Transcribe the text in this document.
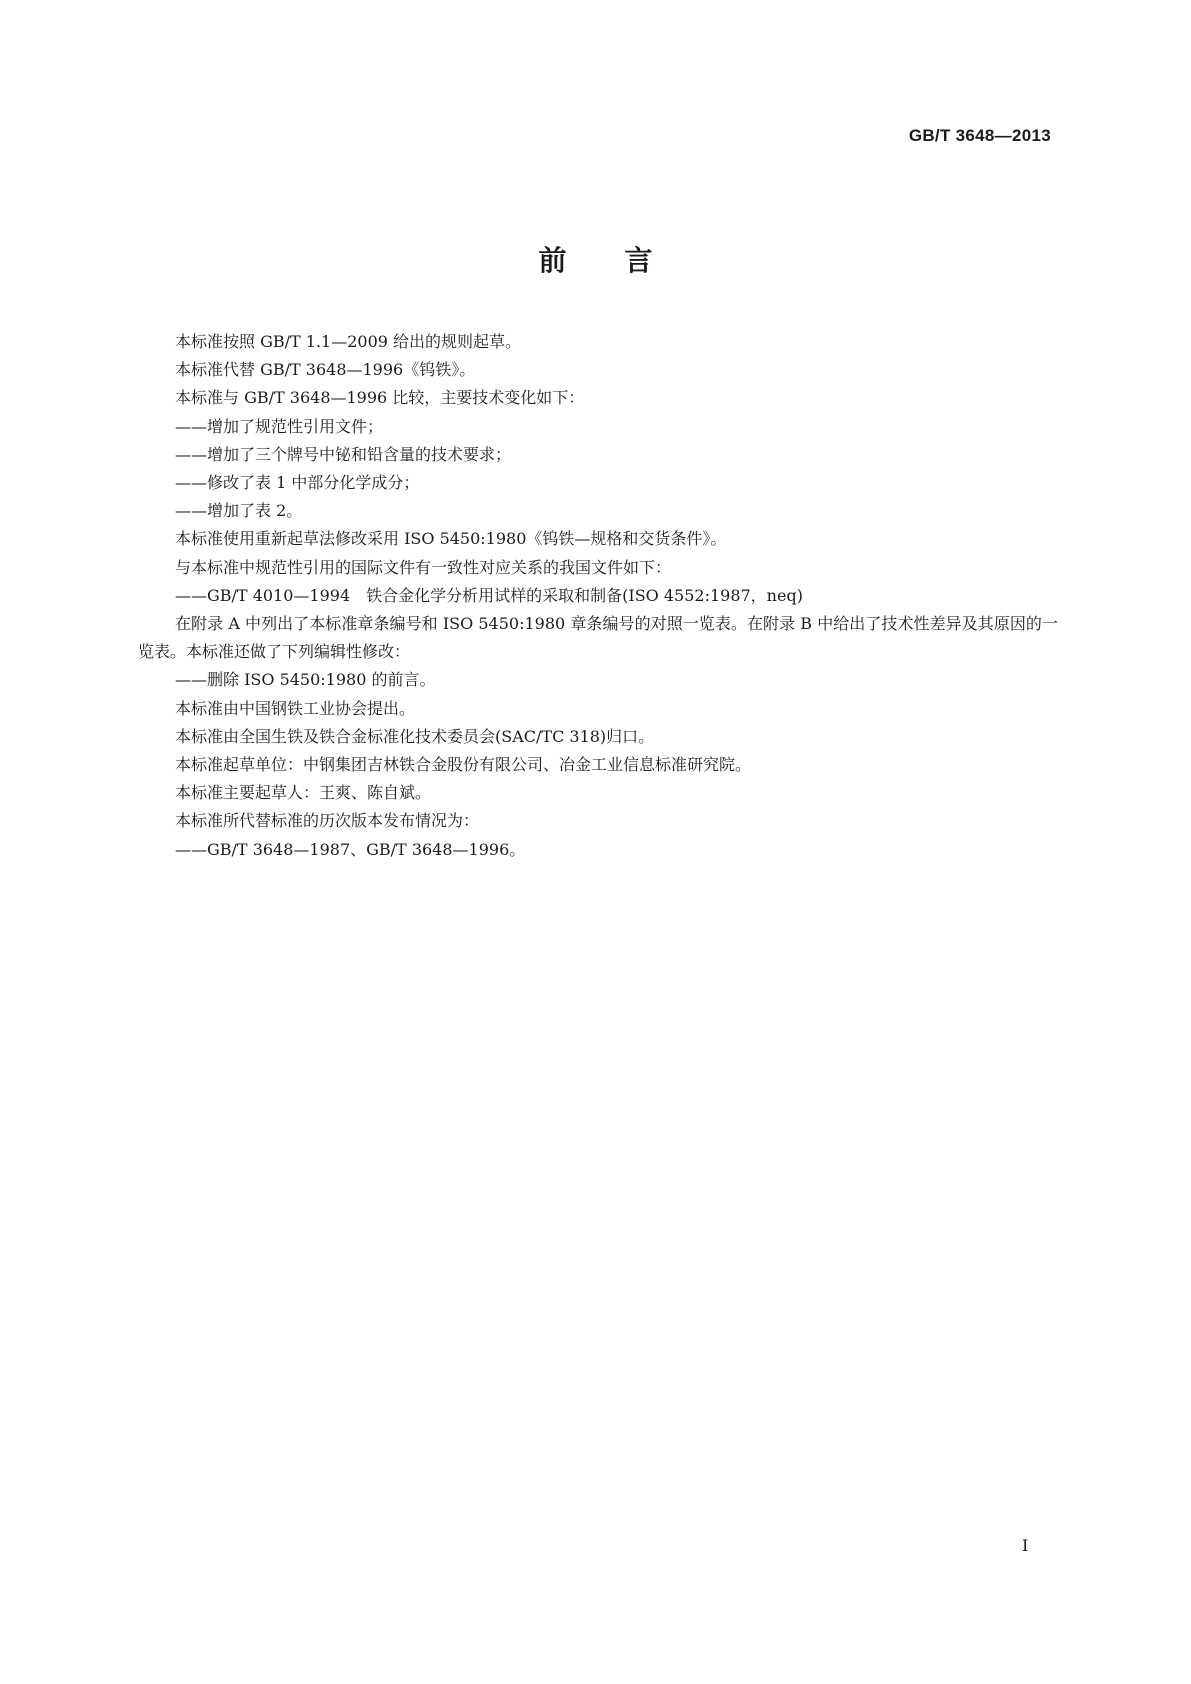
GB/T 3648—2013
前言

本标准按照 GB/T 1.1—2009 给出的规则起草。

本标准代替 GB/T 3648—1996《钨铁》。

本标准与 GB/T 3648—1996 比较，主要技术变化如下：

——增加了规范性引用文件；

——增加了三个牌号中铋和铅含量的技术要求；

——修改了表 1 中部分化学成分；

——增加了表 2。

本标准使用重新起草法修改采用 ISO 5450:1980《钨铁—规格和交货条件》。

与本标准中规范性引用的国际文件有一致性对应关系的我国文件如下：

——GB/T 4010—1994　铁合金化学分析用试样的采取和制备(ISO 4552:1987，neq)

在附录 A 中列出了本标准章条编号和 ISO 5450:1980 章条编号的对照一览表。在附录 B 中给出了技术性差异及其原因的一览表。本标准还做了下列编辑性修改：

——删除 ISO 5450:1980 的前言。

本标准由中国钢铁工业协会提出。

本标准由全国生铁及铁合金标准化技术委员会(SAC/TC 318)归口。

本标准起草单位：中钢集团吉林铁合金股份有限公司、冶金工业信息标准研究院。

本标准主要起草人：王爽、陈自斌。

本标准所代替标准的历次版本发布情况为：

——GB/T 3648—1987、GB/T 3648—1996。

I
